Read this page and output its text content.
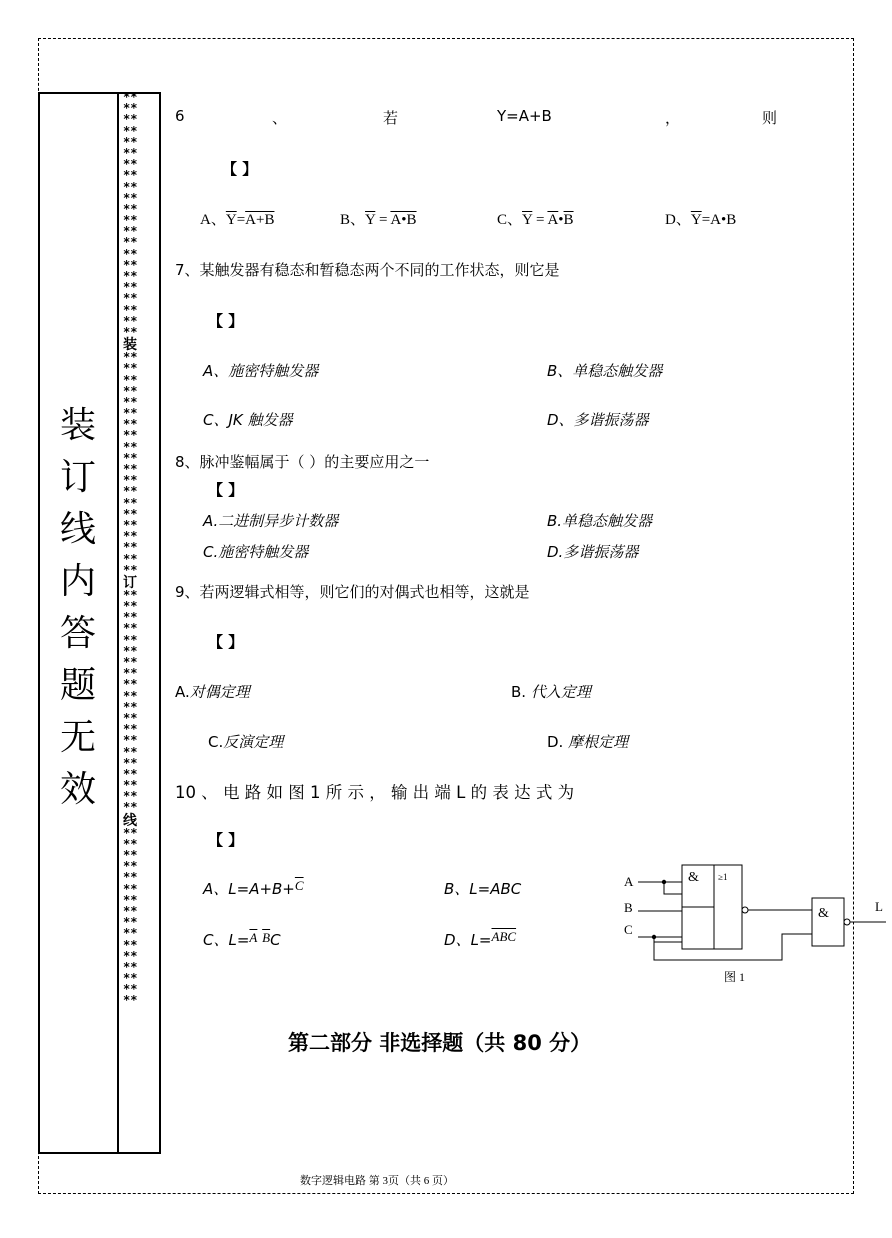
装订线内答题无效
**
**
**
**
**
**
**
**
**
**
**
**
**
**
**
**
**
**
**
**
**
**
装
**
**
**
**
**
**
**
**
**
**
**
**
**
**
**
**
**
**
**
**
订
**
**
**
**
**
**
**
**
**
**
**
**
**
**
**
**
**
**
**
**
线
**
**
**
**
**
**
**
**
**
**
**
**
**
**
**
**
6	、	若	Y=A+B	，	则
【 】
A、$\overline{Y}=A+B$	B、$\overline{Y}$ = A•B	C、$\overline{Y}$ = $\overline{A}•\overline{B}$	D、$\overline{Y}=A•B$
7、某触发器有稳态和暂稳态两个不同的工作状态，则它是
【 】
A、施密特触发器	B、单稳态触发器
C、JK 触发器	D、多谐振荡器
8、脉冲鉴幅属于（ ）的主要应用之一
【 】
A.二进制异步计数器	B.单稳态触发器
C.施密特触发器	D.多谐振荡器
9、若两逻辑式相等，则它们的对偶式也相等，这就是
【 】
A.对偶定理	B. 代入定理
C.反演定理	D. 摩根定理
10 、 电 路 如 图 1 所 示 ， 输 出 端 L 的 表 达 式 为
【 】
A、$L=A+B+\overline{C}$	B、L=ABC
C、$L=\overline{A}$ $\overline{B}C$	D、$L=\overline{ABC}$
A
B
C
& ≥1
&	L
图 1
第二部分 非选择题（共 80 分）
数字逻辑电路 第 3页（共 6 页）
